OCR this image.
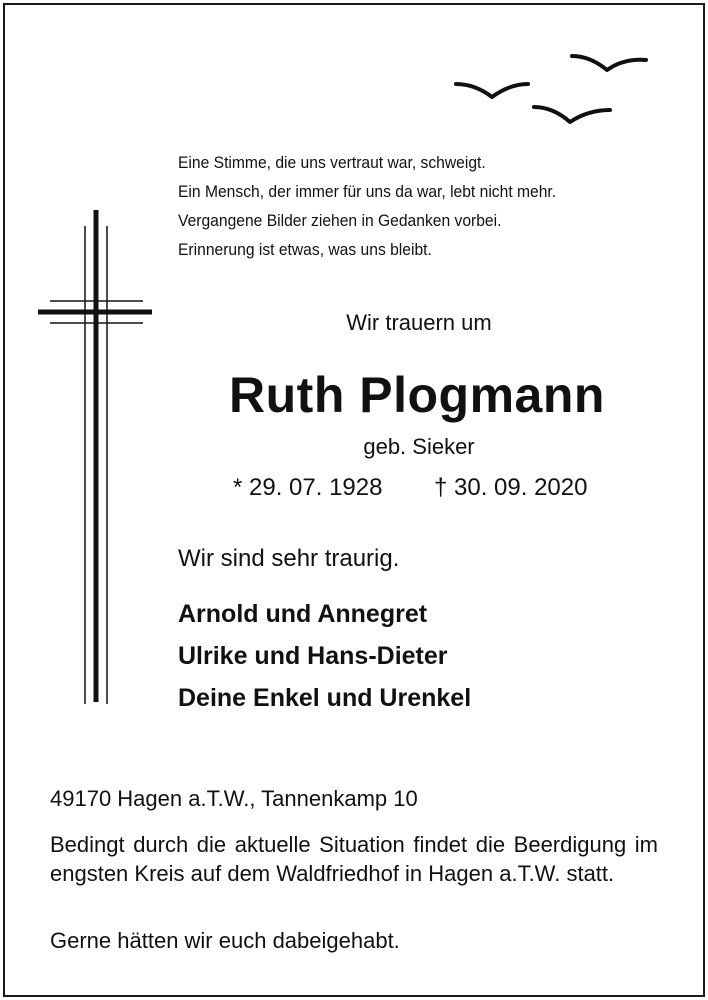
Eine Stimme, die uns vertraut war, schweigt.
Ein Mensch, der immer für uns da war, lebt nicht mehr.
Vergangene Bilder ziehen in Gedanken vorbei.
Erinnerung ist etwas, was uns bleibt.
Wir trauern um
Ruth Plogmann
geb. Sieker
* 29. 07. 1928 † 30. 09. 2020
Wir sind sehr traurig.
Arnold und Annegret
Ulrike und Hans-Dieter
Deine Enkel und Urenkel
49170 Hagen a.T.W., Tannenkamp 10
Bedingt durch die aktuelle Situation findet die Beerdigung im engsten Kreis auf dem Waldfriedhof in Hagen a.T.W. statt.
Gerne hätten wir euch dabeigehabt.
